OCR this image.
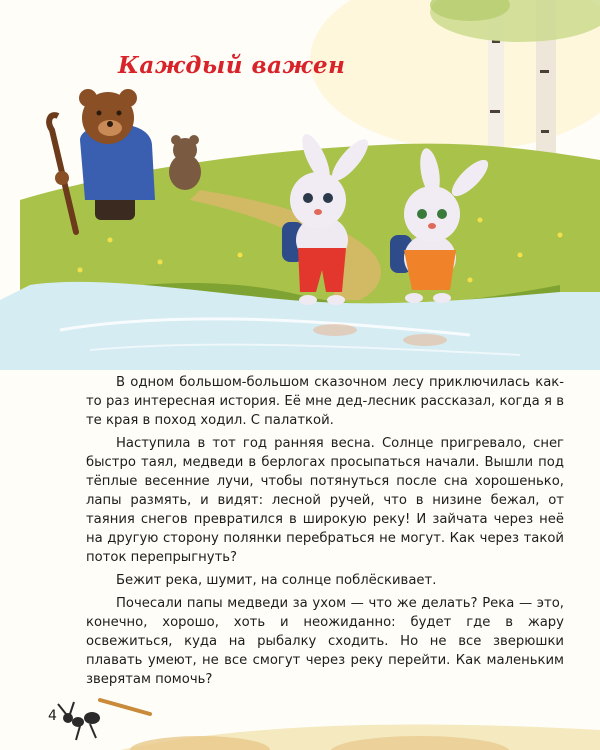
Каждый важен

В одном большом-большом сказочном лесу приключилась как-то раз интересная история. Её мне дед-лесник рассказал, когда я в те края в поход ходил. С палаткой.

Наступила в тот год ранняя весна. Солнце пригревало, снег быстро таял, медведи в берлогах просыпаться начали. Вышли под тёплые весенние лучи, чтобы потянуться после сна хорошенько, лапы размять, и видят: лесной ручей, что в низине бежал, от таяния снегов превратился в широкую реку! И зайчата через неё на другую сторону полянки перебраться не могут. Как через такой поток перепрыгнуть?

Бежит река, шумит, на солнце поблёскивает.

Почесали папы медведи за ухом — что же делать? Река — это, конечно, хорошо, хоть и неожиданно: будет где в жару освежиться, куда на рыбалку сходить. Но не все зверюшки плавать умеют, не все смогут через реку перейти. Как маленьким зверятам помочь?

4
